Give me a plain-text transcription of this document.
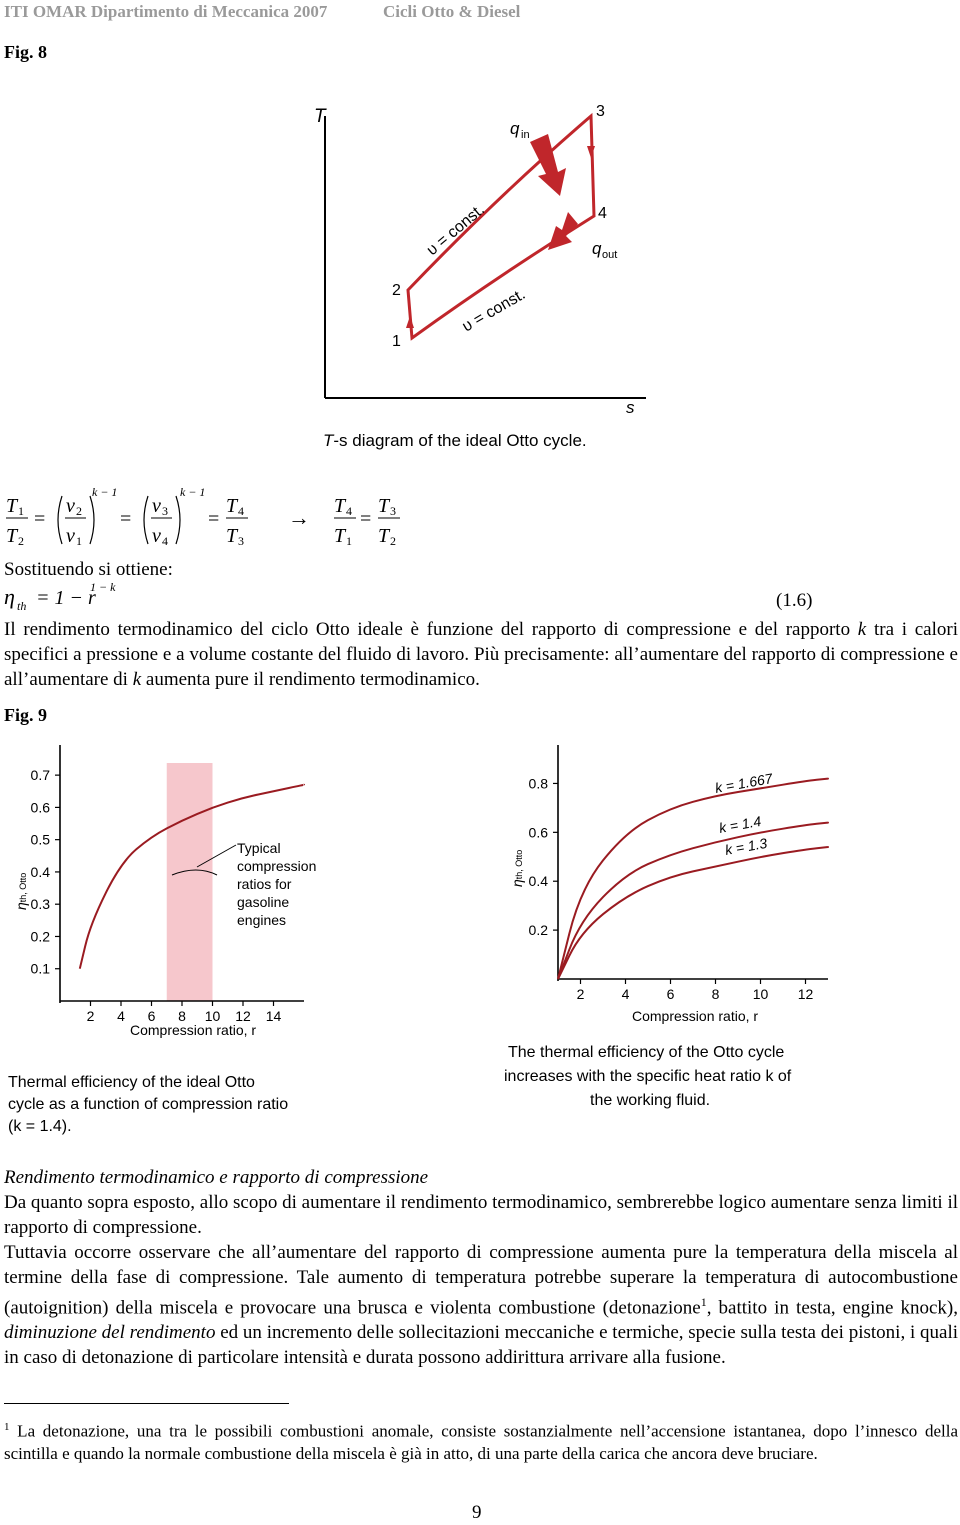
ITI OMAR Dipartimento di Meccanica 2007	Cicli Otto & Diesel
Fig. 8
T
s
3
4
2
1
q in
q out
υ = const.
υ = const.
T-s diagram of the ideal Otto cycle.
T 1
T 2
=
v 2
v 1
k − 1
=
v 3
v 4
k − 1
=
T 4
T 3
→ T 4
T 1
=
T 3
T 2
Sostituendo si ottiene:
η th = 1 − r
1 − k
(1.6)
Il rendimento termodinamico del ciclo Otto ideale è funzione del rapporto di compressione e del rapporto k tra i calori specifici a pressione e a volume costante del fluido di lavoro. Più precisamente: all’aumentare del rapporto di compressione e all’aumentare di k aumenta pure il rendimento termodinamico.
Fig. 9
0.7
0.6
0.5
0.4
0.3
0.2
0.1
2 4 6 8 10 12 14
ηth, Otto
Compression ratio, r
Typical
compression
ratios for
gasoline
engines
Thermal efficiency of the ideal Otto
cycle as a function of compression ratio
(k = 1.4).
0.8
0.6
0.4
0.2
2	4	6	8 10 12
ηth, Otto
Compression ratio, r
k = 1.667
k = 1.4
k = 1.3
The thermal efficiency of the Otto cycle
increases with the specific heat ratio k of
the working fluid.
Rendimento termodinamico e rapporto di compressione
Da quanto sopra esposto, allo scopo di aumentare il rendimento termodinamico, sembrerebbe logico aumentare senza limiti il rapporto di compressione.
Tuttavia occorre osservare che all’aumentare del rapporto di compressione aumenta pure la temperatura della miscela al termine della fase di compressione. Tale aumento di temperatura potrebbe superare la temperatura di autocombustione (autoignition) della miscela e provocare una brusca e violenta combustione (detonazione$^1$, battito in testa, engine knock), diminuzione del rendimento ed un incremento delle sollecitazioni meccaniche e termiche, specie sulla testa dei pistoni, i quali in caso di detonazione di particolare intensità e durata possono addirittura arrivare alla fusione.
$^1$ La detonazione, una tra le possibili combustioni anomale, consiste sostanzialmente nell’accensione istantanea, dopo l’innesco della scintilla e quando la normale combustione della miscela è già in atto, di una parte della carica che ancora deve bruciare.
9
